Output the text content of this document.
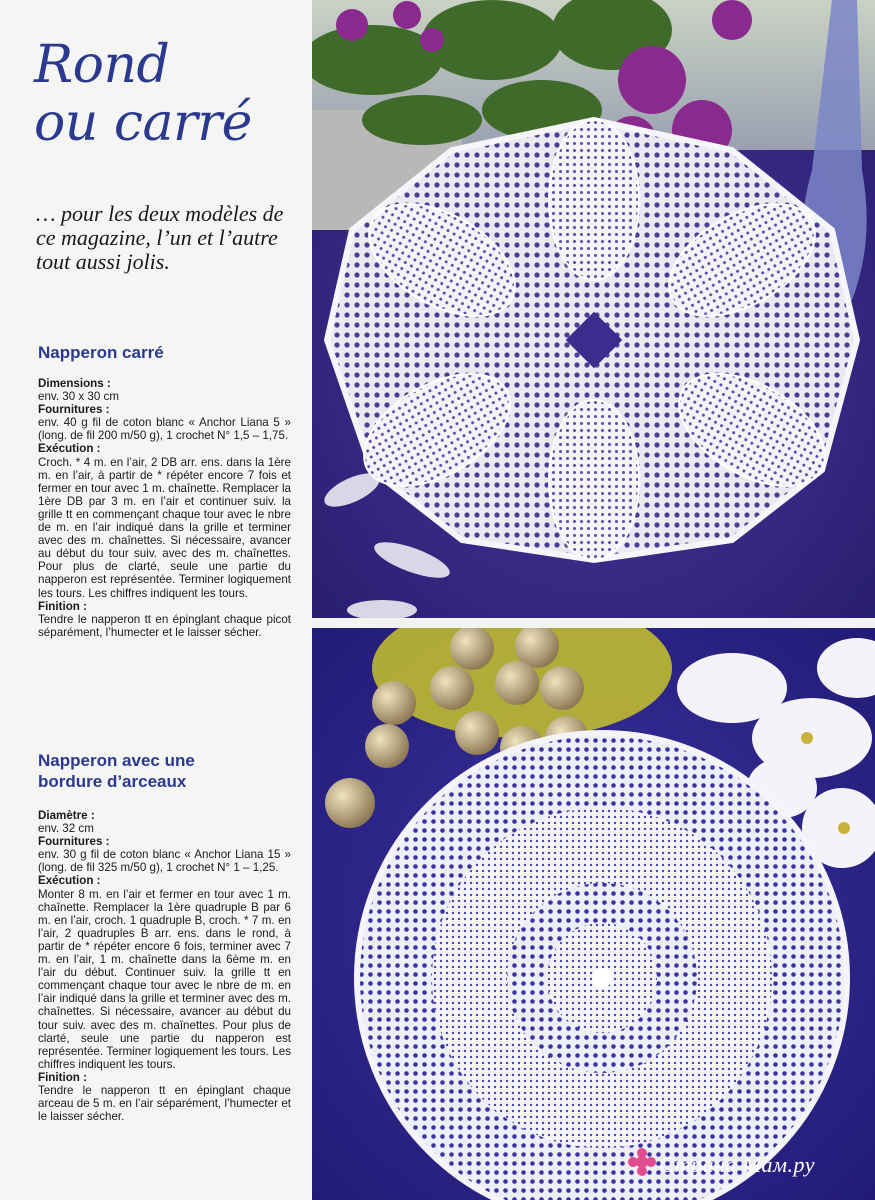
Rond
ou carré

… pour les deux modèles de ce magazine, l’un et l’autre tout aussi jolis.

Napperon carré
Dimensions :
env. 30 x 30 cm
Fournitures :
env. 40 g fil de coton blanc « Anchor Liana 5 » (long. de fil 200 m/50 g), 1 crochet N° 1,5 – 1,75.
Exécution :
Croch. * 4 m. en l’air, 2 DB arr. ens. dans la 1ère m. en l’air, à partir de * répéter encore 7 fois et fermer en tour avec 1 m. chaînette. Remplacer la 1ère DB par 3 m. en l’air et continuer suiv. la grille tt en commençant chaque tour avec le nbre de m. en l’air indiqué dans la grille et terminer avec des m. chaînettes. Si nécessaire, avancer au début du tour suiv. avec des m. chaînettes. Pour plus de clarté, seule une partie du napperon est représentée. Terminer logiquement les tours. Les chiffres indiquent les tours.
Finition :
Tendre le napperon tt en épinglant chaque picot séparément, l’humecter et le laisser sécher.
Napperon avec une
bordure d’arceaux
Diamètre :
env. 32 cm
Fournitures :
env. 30 g fil de coton blanc « Anchor Liana 15 » (long. de fil 325 m/50 g), 1 crochet N° 1 – 1,25.
Exécution :
Monter 8 m. en l’air et fermer en tour avec 1 m. chaînette. Remplacer la 1ère quadruple B par 6 m. en l’air, croch. 1 quadruple B, croch. * 7 m. en l’air, 2 quadruples B arr. ens. dans le rond, à partir de * répéter encore 6 fois, terminer avec 7 m. en l’air, 1 m. chaînette dans la 6ème m. en l’air du début. Continuer suiv. la grille tt en commençant chaque tour avec le nbre de m. en l’air indiqué dans la grille et terminer avec des m. chaînettes. Si nécessaire, avancer au début du tour suiv. avec des m. chaînettes. Pour plus de clarté, seule une partie du napperon est représentée. Terminer logiquement les tours. Les chiffres indiquent les tours.
Finition :
Tendre le napperon tt en épinglant chaque arceau de 5 m. en l’air séparément, l’humecter et le laisser sécher.
Страна Мам.ру
